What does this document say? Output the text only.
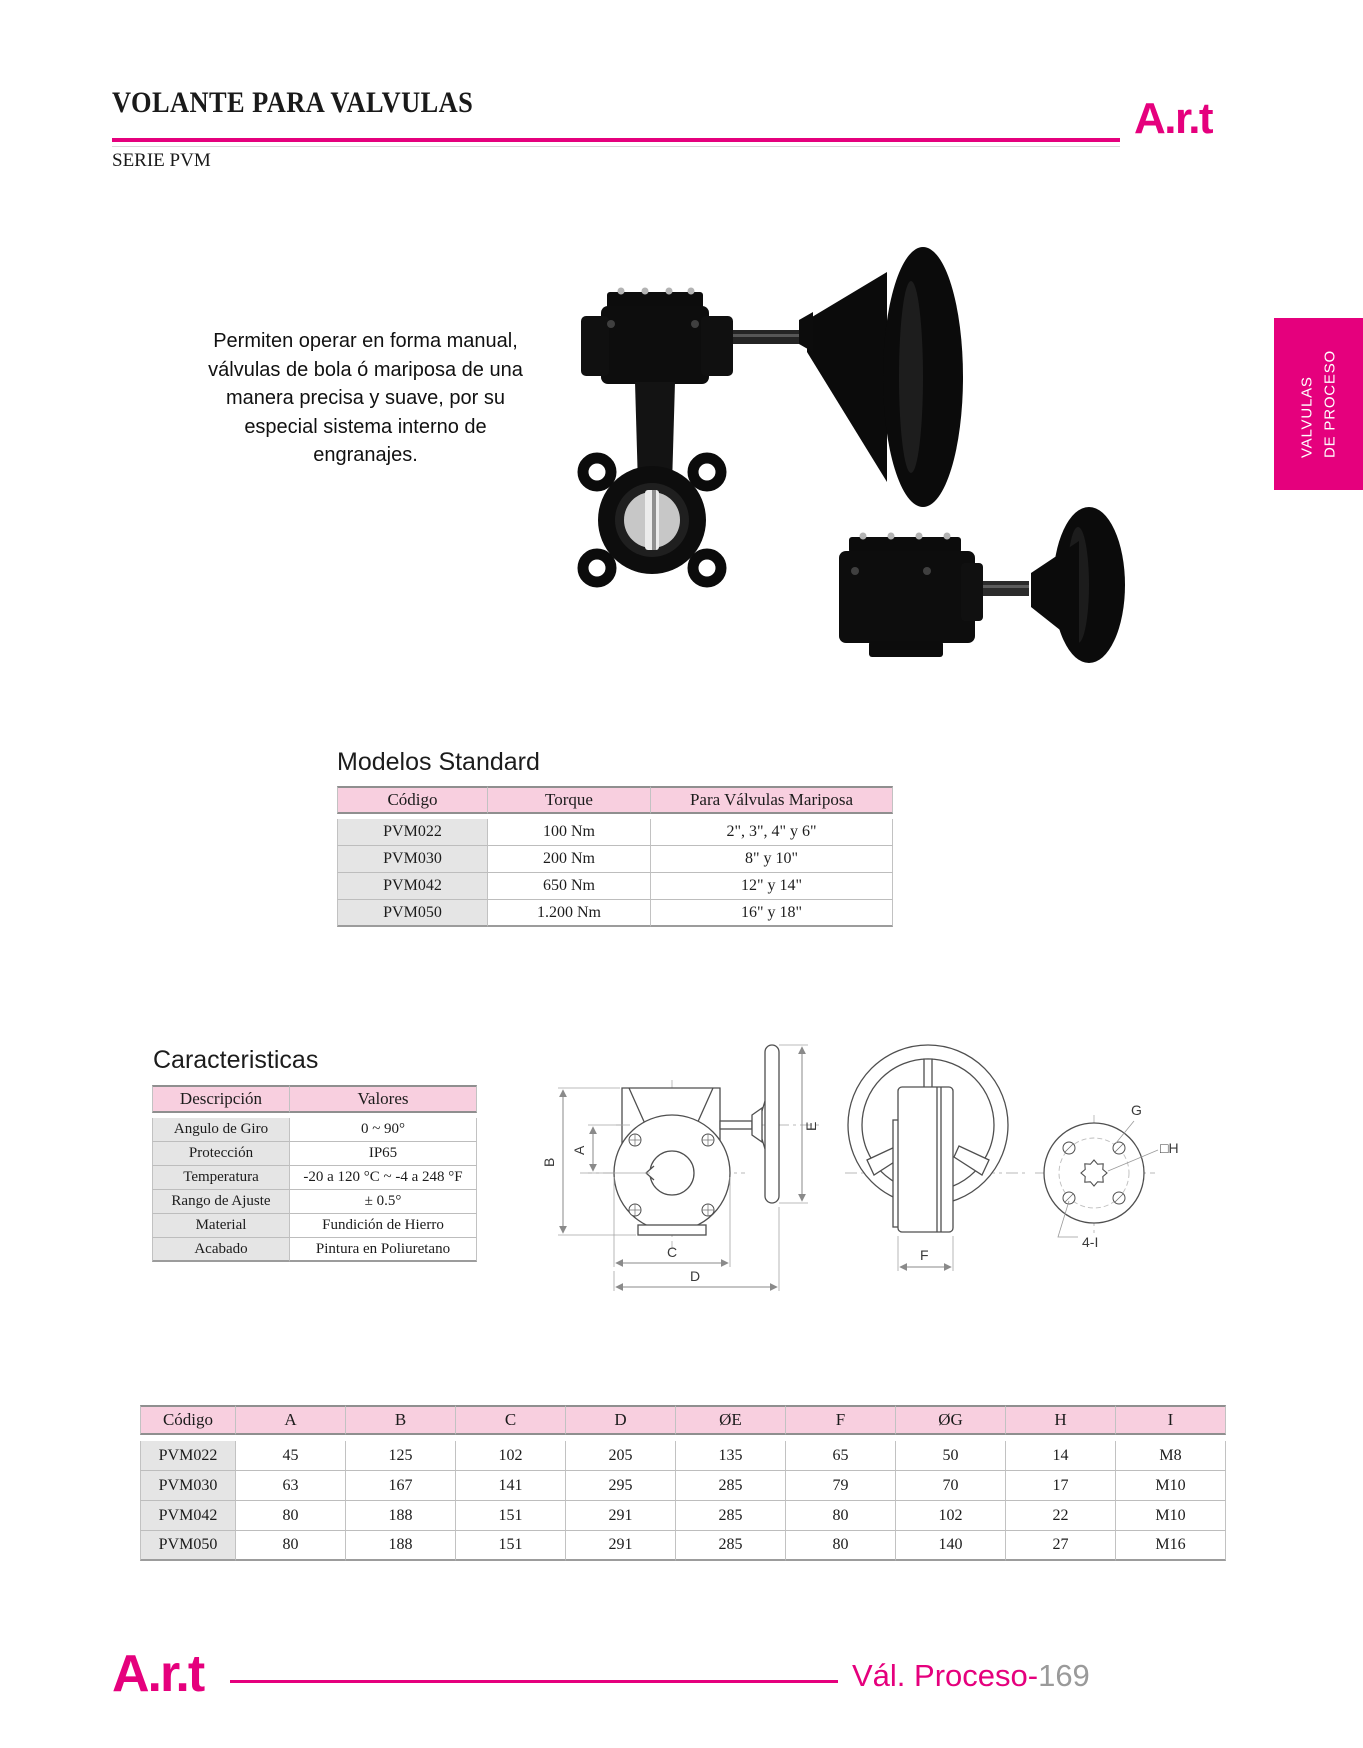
VOLANTE PARA VALVULAS
SERIE PVM
A.r.t
VALVULAS DE PROCESO
Permiten operar en forma manual, válvulas de bola ó mariposa de una manera precisa y suave, por su especial sistema interno de engranajes.
Modelos Standard
Código	Torque	Para Válvulas Mariposa
PVM022	100 Nm	2", 3", 4" y 6"
PVM030	200 Nm	8" y 10"
PVM042	650 Nm	12" y 14"
PVM050	1.200 Nm	16" y 18"
Caracteristicas
Descripción	Valores
Angulo de Giro	0 ~ 90°
Protección	IP65
Temperatura	-20 a 120 °C ~ -4 a 248 °F
Rango de Ajuste	± 0.5°
Material	Fundición de Hierro
Acabado	Pintura en Poliuretano
B
A
E
C
D
F
G
□H
4-I
Código	A	B	C	D	ØE	F	ØG	H	I
PVM022	45	125	102	205	135	65	50	14	M8
PVM030	63	167	141	295	285	79	70	17	M10
PVM042	80	188	151	291	285	80	102	22	M10
PVM050	80	188	151	291	285	80	140	27	M16
A.r.t	Vál. Proceso-169
